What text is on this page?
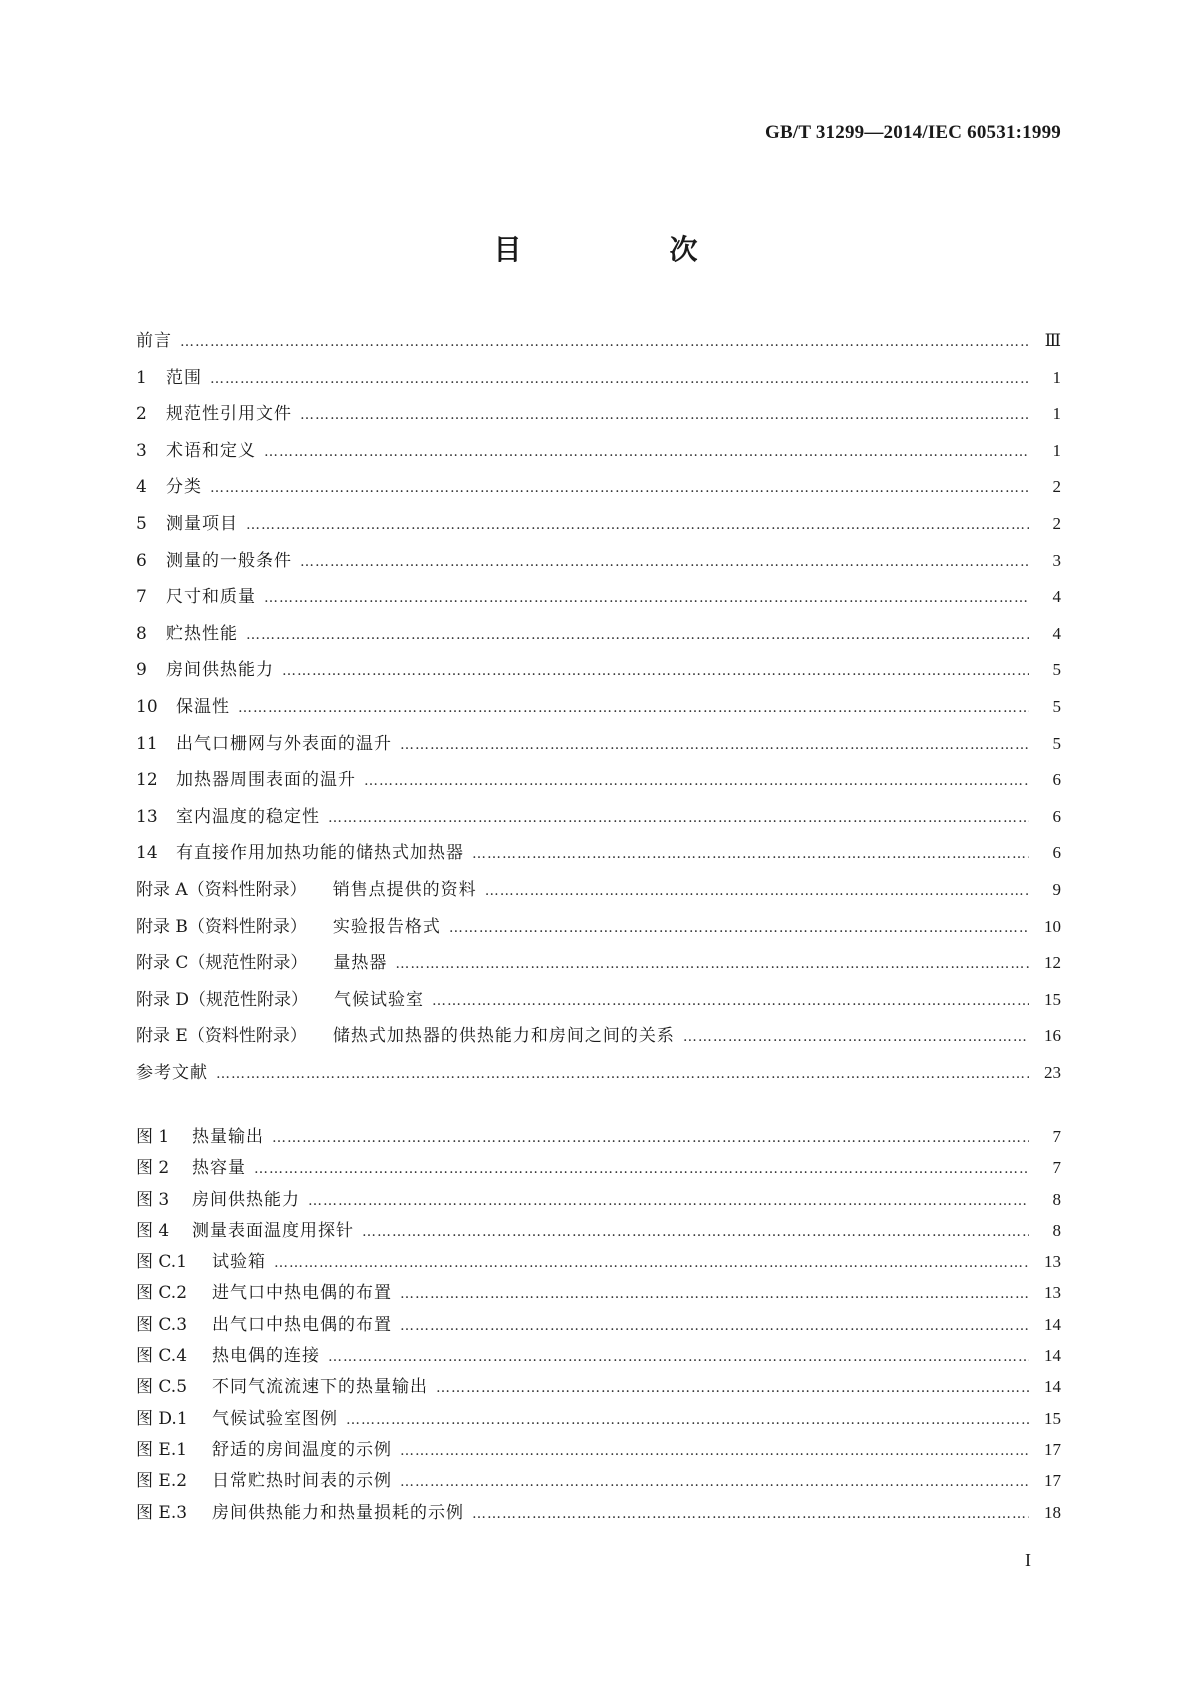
GB/T 31299—2014/IEC 60531:1999
目　次
前言 …………………………………………………………………………………………………………………………………………………………………………………………………………………	Ⅲ
1	范围 …………………………………………………………………………………………………………………………………………………………………………………………………………………	1
2	规范性引用文件 …………………………………………………………………………………………………………………………………………………………………………………………………………………	1
3	术语和定义 …………………………………………………………………………………………………………………………………………………………………………………………………………………	1
4	分类 …………………………………………………………………………………………………………………………………………………………………………………………………………………	2
5	测量项目 …………………………………………………………………………………………………………………………………………………………………………………………………………………	2
6	测量的一般条件 …………………………………………………………………………………………………………………………………………………………………………………………………………………	3
7	尺寸和质量 …………………………………………………………………………………………………………………………………………………………………………………………………………………	4
8	贮热性能 …………………………………………………………………………………………………………………………………………………………………………………………………………………	4
9	房间供热能力 …………………………………………………………………………………………………………………………………………………………………………………………………………………	5
10	保温性 …………………………………………………………………………………………………………………………………………………………………………………………………………………	5
11	出气口栅网与外表面的温升 …………………………………………………………………………………………………………………………………………………………………………………………………………………	5
12	加热器周围表面的温升 …………………………………………………………………………………………………………………………………………………………………………………………………………………	6
13	室内温度的稳定性 …………………………………………………………………………………………………………………………………………………………………………………………………………………	6
14	有直接作用加热功能的储热式加热器 …………………………………………………………………………………………………………………………………………………………………………………………………………………	6
附录 A（资料性附录） 销售点提供的资料 …………………………………………………………………………………………………………………………………………………………………………………………………………………	9
附录 B（资料性附录） 实验报告格式 …………………………………………………………………………………………………………………………………………………………………………………………………………………	10
附录 C（规范性附录） 量热器 …………………………………………………………………………………………………………………………………………………………………………………………………………………	12
附录 D（规范性附录） 气候试验室 …………………………………………………………………………………………………………………………………………………………………………………………………………………	15
附录 E（资料性附录） 储热式加热器的供热能力和房间之间的关系 …………………………………………………………………………………………………………………………………………………………………………………………………………………	16
参考文献 …………………………………………………………………………………………………………………………………………………………………………………………………………………	23
图 1	热量输出 …………………………………………………………………………………………………………………………………………………………………………………………………………………	7
图 2	热容量 …………………………………………………………………………………………………………………………………………………………………………………………………………………	7
图 3	房间供热能力 …………………………………………………………………………………………………………………………………………………………………………………………………………………	8
图 4	测量表面温度用探针 …………………………………………………………………………………………………………………………………………………………………………………………………………………	8
图 C.1	试验箱 …………………………………………………………………………………………………………………………………………………………………………………………………………………	13
图 C.2	进气口中热电偶的布置 …………………………………………………………………………………………………………………………………………………………………………………………………………………	13
图 C.3	出气口中热电偶的布置 …………………………………………………………………………………………………………………………………………………………………………………………………………………	14
图 C.4	热电偶的连接 …………………………………………………………………………………………………………………………………………………………………………………………………………………	14
图 C.5	不同气流流速下的热量输出 …………………………………………………………………………………………………………………………………………………………………………………………………………………	14
图 D.1	气候试验室图例 …………………………………………………………………………………………………………………………………………………………………………………………………………………	15
图 E.1	舒适的房间温度的示例 …………………………………………………………………………………………………………………………………………………………………………………………………………………	17
图 E.2	日常贮热时间表的示例 …………………………………………………………………………………………………………………………………………………………………………………………………………………	17
图 E.3	房间供热能力和热量损耗的示例 …………………………………………………………………………………………………………………………………………………………………………………………………………………	18
I
